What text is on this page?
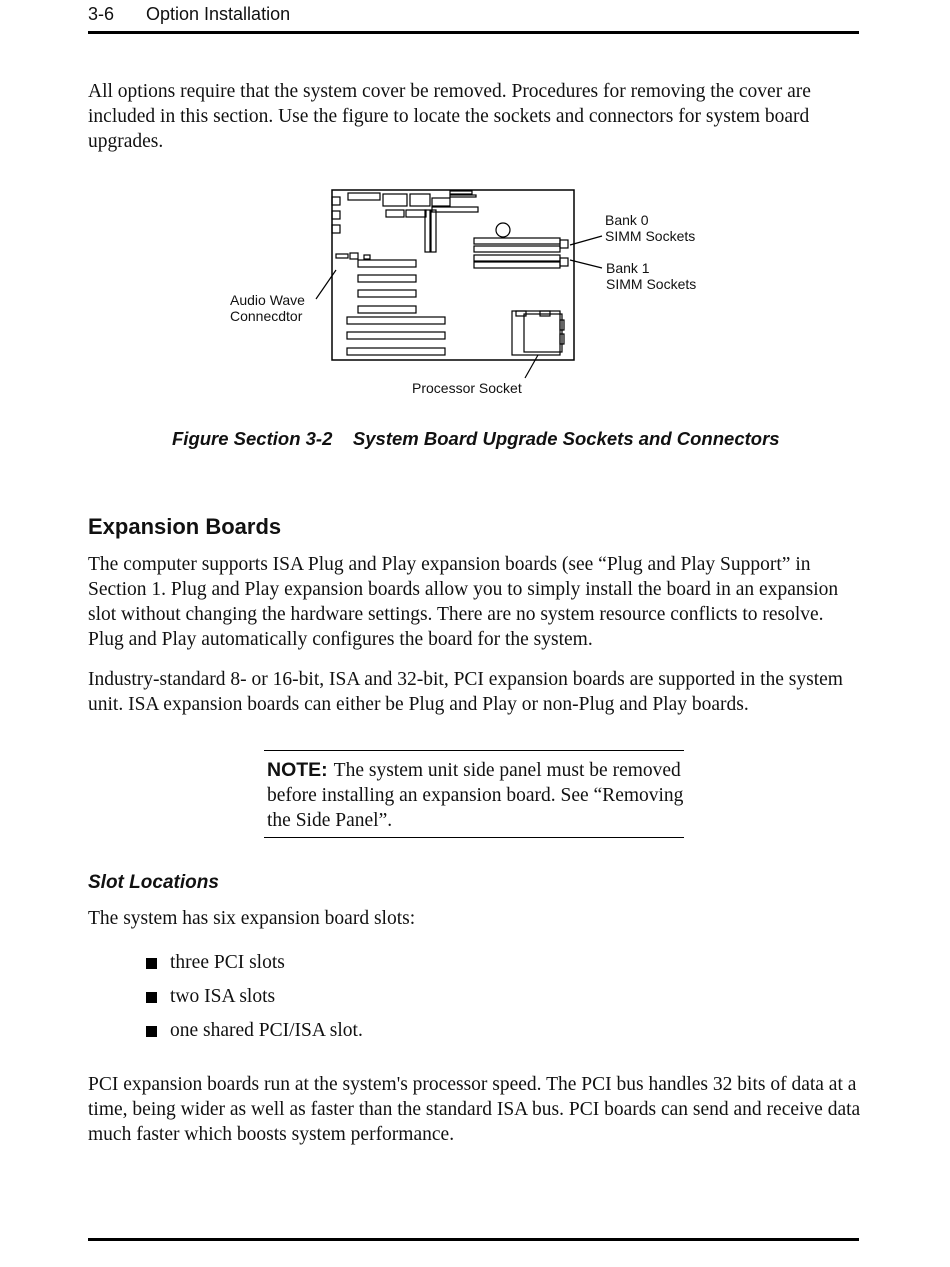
3-6 Option Installation

All options require that the system cover be removed. Procedures for removing the cover are included in this section. Use the figure to locate the sockets and connectors for system board upgrades.

Bank 0
SIMM Sockets
Bank 1
SIMM Sockets
Audio Wave
Connecdtor
Processor Socket
Figure Section 3-2    System Board Upgrade Sockets and Connectors
Expansion Boards

The computer supports ISA Plug and Play expansion boards (see “Plug and Play Support” in Section 1. Plug and Play expansion boards allow you to simply install the board in an expansion slot without changing the hardware settings. There are no system resource conflicts to resolve. Plug and Play automatically configures the board for the system.

Industry-standard 8- or 16-bit, ISA and 32-bit, PCI expansion boards are supported in the system unit. ISA expansion boards can either be Plug and Play or non-Plug and Play boards.

NOTE: The system unit side panel must be removed before installing an expansion board. See “Removing the Side Panel”.

Slot Locations

The system has six expansion board slots:

three PCI slots
two ISA slots
one shared PCI/ISA slot.

PCI expansion boards run at the system's processor speed. The PCI bus handles 32 bits of data at a time, being wider as well as faster than the standard ISA bus. PCI boards can send and receive data much faster which boosts system performance.
